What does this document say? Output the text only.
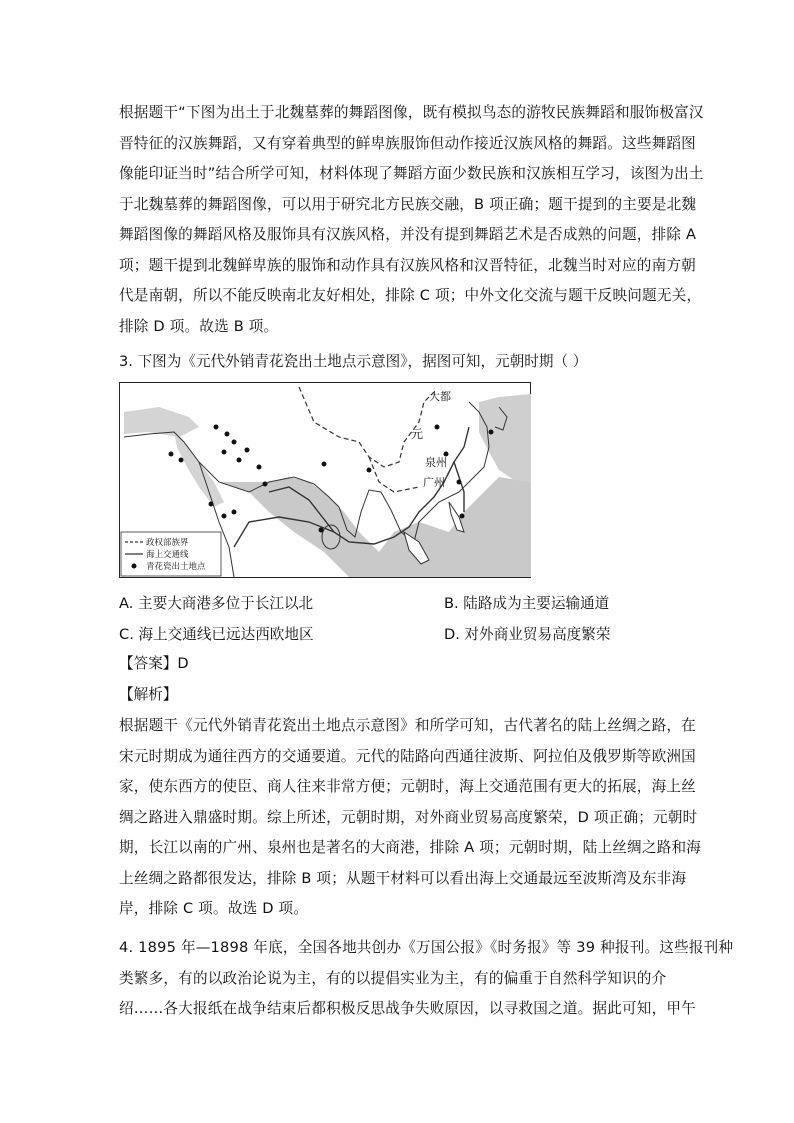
根据题干“下图为出土于北魏墓葬的舞蹈图像，既有模拟鸟态的游牧民族舞蹈和服饰极富汉
晋特征的汉族舞蹈，又有穿着典型的鲜卑族服饰但动作接近汉族风格的舞蹈。这些舞蹈图
像能印证当时”结合所学可知，材料体现了舞蹈方面少数民族和汉族相互学习，该图为出土
于北魏墓葬的舞蹈图像，可以用于研究北方民族交融，B 项正确；题干提到的主要是北魏
舞蹈图像的舞蹈风格及服饰具有汉族风格，并没有提到舞蹈艺术是否成熟的问题，排除 A
项；题干提到北魏鲜卑族的服饰和动作具有汉族风格和汉晋特征，北魏当时对应的南方朝
代是南朝，所以不能反映南北友好相处，排除 C 项；中外文化交流与题干反映问题无关，
排除 D 项。故选 B 项。
3. 下图为《元代外销青花瓷出土地点示意图》，据图可知，元朝时期（ ）
大都
元
泉州
广州
政权部族界
海上交通线
青花瓷出土地点
A. 主要大商港多位于长江以北	B. 陆路成为主要运输通道
C. 海上交通线已远达西欧地区	D. 对外商业贸易高度繁荣
【答案】D
【解析】
根据题干《元代外销青花瓷出土地点示意图》和所学可知，古代著名的陆上丝绸之路，在
宋元时期成为通往西方的交通要道。元代的陆路向西通往波斯、阿拉伯及俄罗斯等欧洲国
家，使东西方的使臣、商人往来非常方便；元朝时，海上交通范围有更大的拓展，海上丝
绸之路进入鼎盛时期。综上所述，元朝时期，对外商业贸易高度繁荣，D 项正确；元朝时
期，长江以南的广州、泉州也是著名的大商港，排除 A 项；元朝时期，陆上丝绸之路和海
上丝绸之路都很发达，排除 B 项；从题干材料可以看出海上交通最远至波斯湾及东非海
岸，排除 C 项。故选 D 项。
4. 1895 年—1898 年底，全国各地共创办《万国公报》《时务报》等 39 种报刊。这些报刊种
类繁多，有的以政治论说为主，有的以提倡实业为主，有的偏重于自然科学知识的介
绍……各大报纸在战争结束后都积极反思战争失败原因，以寻救国之道。据此可知，甲午
